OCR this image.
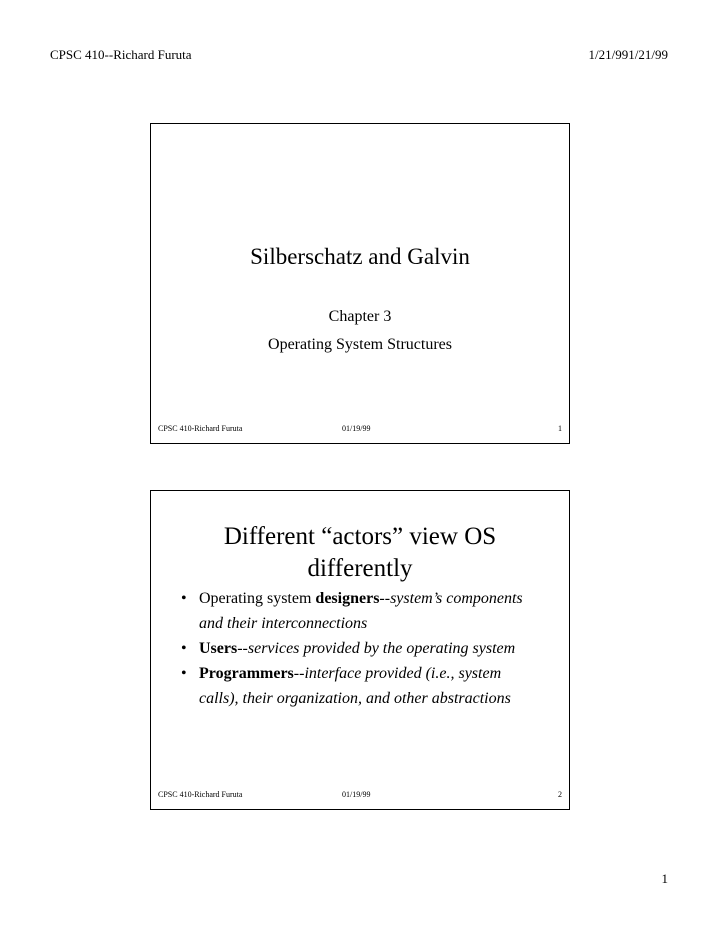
CPSC 410--Richard Furuta	1/21/991/21/99
Silberschatz and Galvin
Chapter 3
Operating System Structures
CPSC 410-Richard Furuta	01/19/99	1
Different “actors” view OS
differently
• Operating system designers--system’s components and their interconnections
• Users--services provided by the operating system
• Programmers--interface provided (i.e., system calls), their organization, and other abstractions
CPSC 410-Richard Furuta	01/19/99	2
1
